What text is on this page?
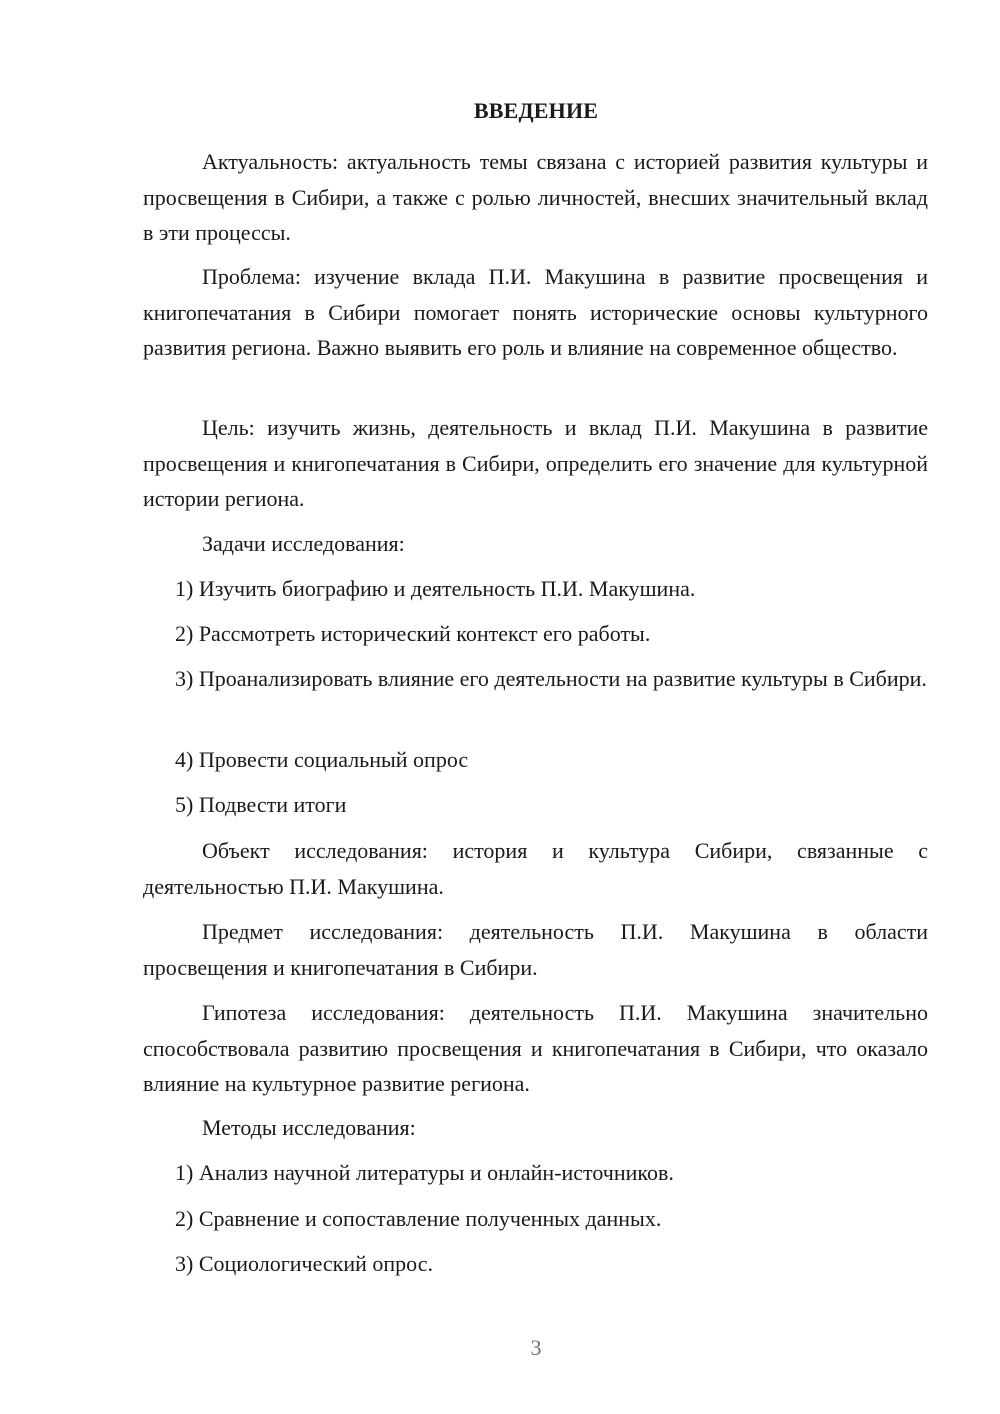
ВВЕДЕНИЕ

Актуальность: актуальность темы связана с историей развития культуры и просвещения в Сибири, а также с ролью личностей, внесших значительный вклад в эти процессы.

Проблема: изучение вклада П.И. Макушина в развитие просвещения и книгопечатания в Сибири помогает понять исторические основы культурного развития региона. Важно выявить его роль и влияние на современное общество.

Цель: изучить жизнь, деятельность и вклад П.И. Макушина в развитие просвещения и книгопечатания в Сибири, определить его значение для культурной истории региона.

Задачи исследования:

1) Изучить биографию и деятельность П.И. Макушина.

2) Рассмотреть исторический контекст его работы.

3) Проанализировать влияние его деятельности на развитие культуры в Сибири.

4) Провести социальный опрос

5) Подвести итоги

Объект исследования: история и культура Сибири, связанные с деятельностью П.И. Макушина.

Предмет исследования: деятельность П.И. Макушина в области просвещения и книгопечатания в Сибири.

Гипотеза исследования: деятельность П.И. Макушина значительно способствовала развитию просвещения и книгопечатания в Сибири, что оказало влияние на культурное развитие региона.

Методы исследования:

1) Анализ научной литературы и онлайн-источников.

2) Сравнение и сопоставление полученных данных.

3) Социологический опрос.

3
